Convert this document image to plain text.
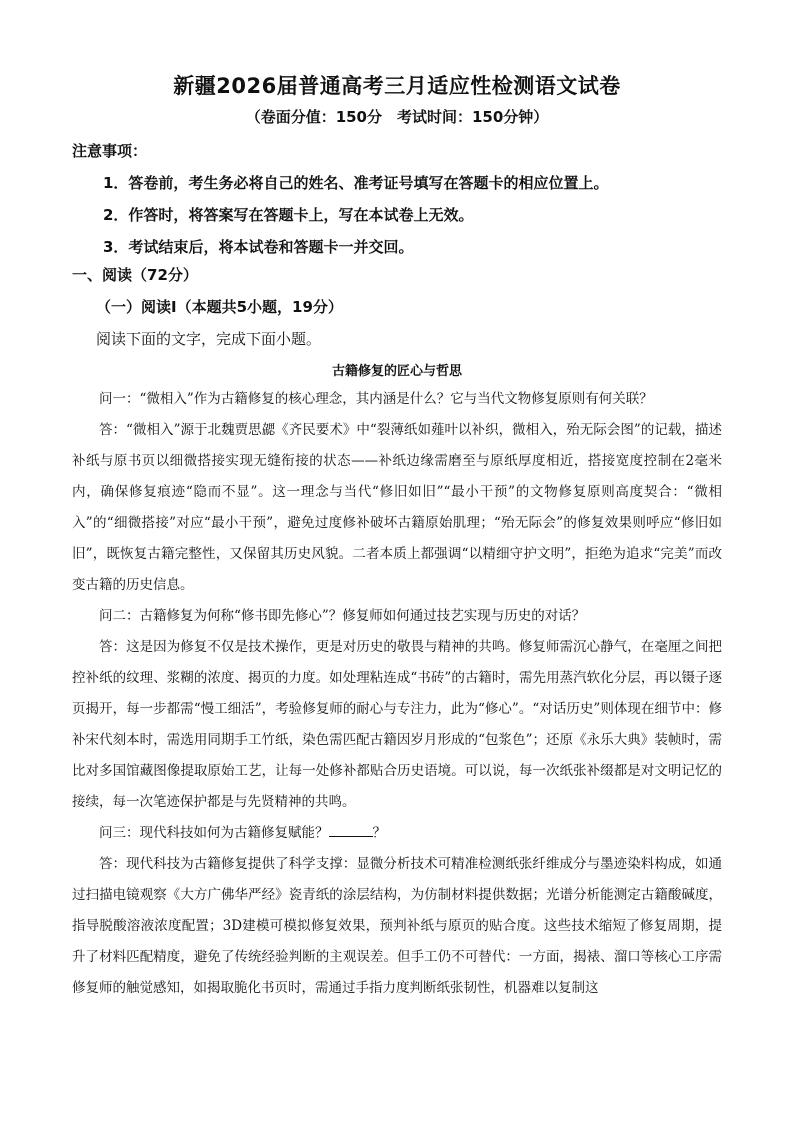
新疆2026届普通高考三月适应性检测语文试卷
（卷面分值：150分　考试时间：150分钟）
注意事项：
1．答卷前，考生务必将自己的姓名、准考证号填写在答题卡的相应位置上。
2．作答时，将答案写在答题卡上，写在本试卷上无效。
3．考试结束后，将本试卷和答题卡一并交回。
一、阅读（72分）
（一）阅读Ⅰ（本题共5小题，19分）
阅读下面的文字，完成下面小题。
古籍修复的匠心与哲思

问一：“微相入”作为古籍修复的核心理念，其内涵是什么？它与当代文物修复原则有何关联？

答：“微相入”源于北魏贾思勰《齐民要术》中“裂薄纸如薤叶以补织，微相入，殆无际会图”的记载，描述补纸与原书页以细微搭接实现无缝衔接的状态——补纸边缘需磨至与原纸厚度相近，搭接宽度控制在2毫米内，确保修复痕迹“隐而不显”。这一理念与当代“修旧如旧”“最小干预”的文物修复原则高度契合：“微相入”的“细微搭接”对应“最小干预”，避免过度修补破坏古籍原始肌理；“殆无际会”的修复效果则呼应“修旧如旧”，既恢复古籍完整性，又保留其历史风貌。二者本质上都强调“以精细守护文明”，拒绝为追求“完美”而改变古籍的历史信息。

问二：古籍修复为何称“修书即先修心”？修复师如何通过技艺实现与历史的对话？

答：这是因为修复不仅是技术操作，更是对历史的敬畏与精神的共鸣。修复师需沉心静气，在毫厘之间把控补纸的纹理、浆糊的浓度、揭页的力度。如处理粘连成“书砖”的古籍时，需先用蒸汽软化分层，再以镊子逐页揭开，每一步都需“慢工细活”，考验修复师的耐心与专注力，此为“修心”。“对话历史”则体现在细节中：修补宋代刻本时，需选用同期手工竹纸，染色需匹配古籍因岁月形成的“包浆色”；还原《永乐大典》装帧时，需比对多国馆藏图像提取原始工艺，让每一处修补都贴合历史语境。可以说，每一次纸张补缀都是对文明记忆的接续，每一次笔迹保护都是与先贤精神的共鸣。

问三：现代科技如何为古籍修复赋能？	？

答：现代科技为古籍修复提供了科学支撑：显微分析技术可精准检测纸张纤维成分与墨迹染料构成，如通过扫描电镜观察《大方广佛华严经》瓷青纸的涂层结构，为仿制材料提供数据；光谱分析能测定古籍酸碱度，指导脱酸溶液浓度配置；3D建模可模拟修复效果，预判补纸与原页的贴合度。这些技术缩短了修复周期，提升了材料匹配精度，避免了传统经验判断的主观误差。但手工仍不可替代：一方面，揭裱、溜口等核心工序需修复师的触觉感知，如揭取脆化书页时，需通过手指力度判断纸张韧性，机器难以复制这
